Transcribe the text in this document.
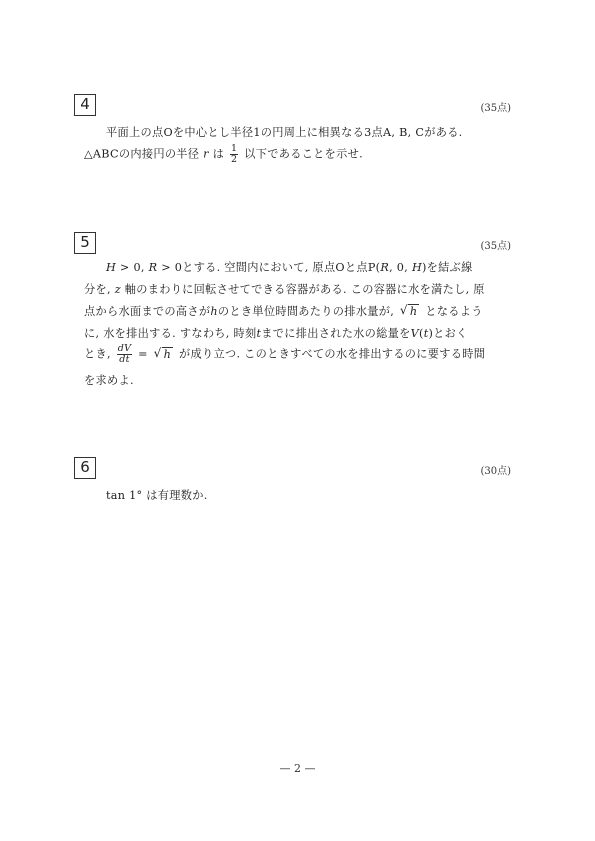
4	(35点)
平面上の点Oを中心とし半径1の円周上に相異なる3点A, B, Cがある.
△ABCの内接円の半径 r は $\frac{1}{2}$ 以下であることを示せ.
5	(35点)
H > 0, R > 0とする. 空間内において, 原点Oと点P(R, 0, H)を結ぶ線
分を, z 軸のまわりに回転させてできる容器がある. この容器に水を満たし, 原
点から水面までの高さがhのとき単位時間あたりの排水量が, √ h となるよう
に, 水を排出する. すなわち, 時刻tまでに排出された水の総量をV(t)とおく
とき, $\frac{dV}{dt}$ = √ h が成り立つ. このときすべての水を排出するのに要する時間
を求めよ.
6	(30点)
tan 1° は有理数か.
— 2 —
